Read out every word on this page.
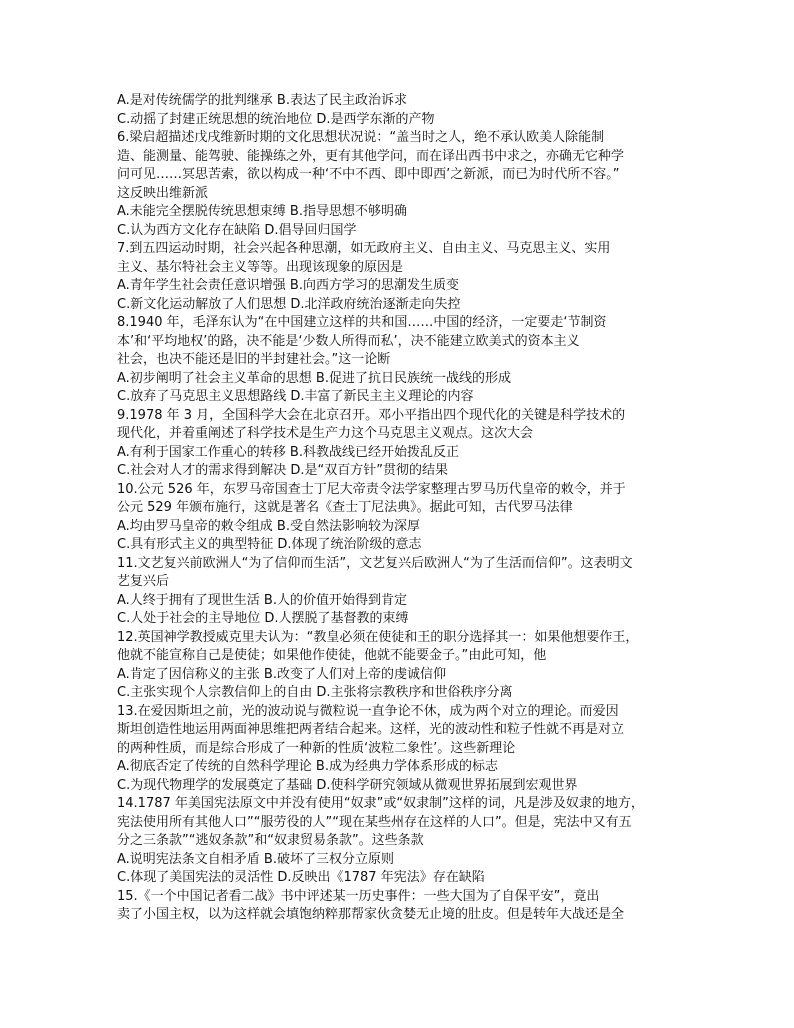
A.是对传统儒学的批判继承 B.表达了民主政治诉求
C.动摇了封建正统思想的统治地位 D.是西学东渐的产物
6.梁启超描述戊戌维新时期的文化思想状况说：“盖当时之人，绝不承认欧美人除能制
造、能测量、能驾驶、能操练之外，更有其他学问，而在译出西书中求之，亦确无它种学
问可见……冥思苦索，欲以构成一种‘不中不西、即中即西’之新派，而已为时代所不容。”
这反映出维新派
A.未能完全摆脱传统思想束缚 B.指导思想不够明确
C.认为西方文化存在缺陷 D.倡导回归国学
7.到五四运动时期，社会兴起各种思潮，如无政府主义、自由主义、马克思主义、实用
主义、基尔特社会主义等等。出现该现象的原因是
A.青年学生社会责任意识增强 B.向西方学习的思潮发生质变
C.新文化运动解放了人们思想 D.北洋政府统治逐渐走向失控
8.1940 年，毛泽东认为“在中国建立这样的共和国……中国的经济，一定要走‘节制资
本’和‘平均地权’的路，决不能是‘少数人所得而私’，决不能建立欧美式的资本主义
社会，也决不能还是旧的半封建社会。”这一论断
A.初步阐明了社会主义革命的思想 B.促进了抗日民族统一战线的形成
C.放弃了马克思主义思想路线 D.丰富了新民主主义理论的内容
9.1978 年 3 月，全国科学大会在北京召开。邓小平指出四个现代化的关键是科学技术的
现代化，并着重阐述了科学技术是生产力这个马克思主义观点。这次大会
A.有利于国家工作重心的转移 B.科教战线已经开始拨乱反正
C.社会对人才的需求得到解决 D.是“双百方针”贯彻的结果
10.公元 526 年，东罗马帝国查士丁尼大帝责令法学家整理古罗马历代皇帝的敕令，并于
公元 529 年颁布施行，这就是著名《查士丁尼法典》。据此可知，古代罗马法律
A.均由罗马皇帝的敕令组成 B.受自然法影响较为深厚
C.具有形式主义的典型特征 D.体现了统治阶级的意志
11.文艺复兴前欧洲人“为了信仰而生活”，文艺复兴后欧洲人“为了生活而信仰”。这表明文
艺复兴后
A.人终于拥有了现世生活 B.人的价值开始得到肯定
C.人处于社会的主导地位 D.人摆脱了基督教的束缚
12.英国神学教授威克里夫认为：“教皇必须在使徒和王的职分选择其一：如果他想要作王，
他就不能宣称自己是使徒；如果他作使徒，他就不能要金子。”由此可知，他
A.肯定了因信称义的主张 B.改变了人们对上帝的虔诚信仰
C.主张实现个人宗教信仰上的自由 D.主张将宗教秩序和世俗秩序分离
13.在爱因斯坦之前，光的波动说与微粒说一直争论不休，成为两个对立的理论。而爱因
斯坦创造性地运用两面神思维把两者结合起来。这样，光的波动性和粒子性就不再是对立
的两种性质，而是综合形成了一种新的性质‘波粒二象性’。这些新理论
A.彻底否定了传统的自然科学理论 B.成为经典力学体系形成的标志
C.为现代物理学的发展奠定了基础 D.使科学研究领域从微观世界拓展到宏观世界
14.1787 年美国宪法原文中并没有使用“奴隶”或“奴隶制”这样的词，凡是涉及奴隶的地方，
宪法使用所有其他人口”“服劳役的人”“现在某些州存在这样的人口”。但是，宪法中又有五
分之三条款”“逃奴条款”和“奴隶贸易条款”。这些条款
A.说明宪法条文自相矛盾 B.破坏了三权分立原则
C.体现了美国宪法的灵活性 D.反映出《1787 年宪法》存在缺陷
15.《一个中国记者看二战》书中评述某一历史事件：一些大国为了自保平安”，竟出
卖了小国主权，以为这样就会填饱纳粹那帮家伙贪婪无止境的肚皮。但是转年大战还是全
